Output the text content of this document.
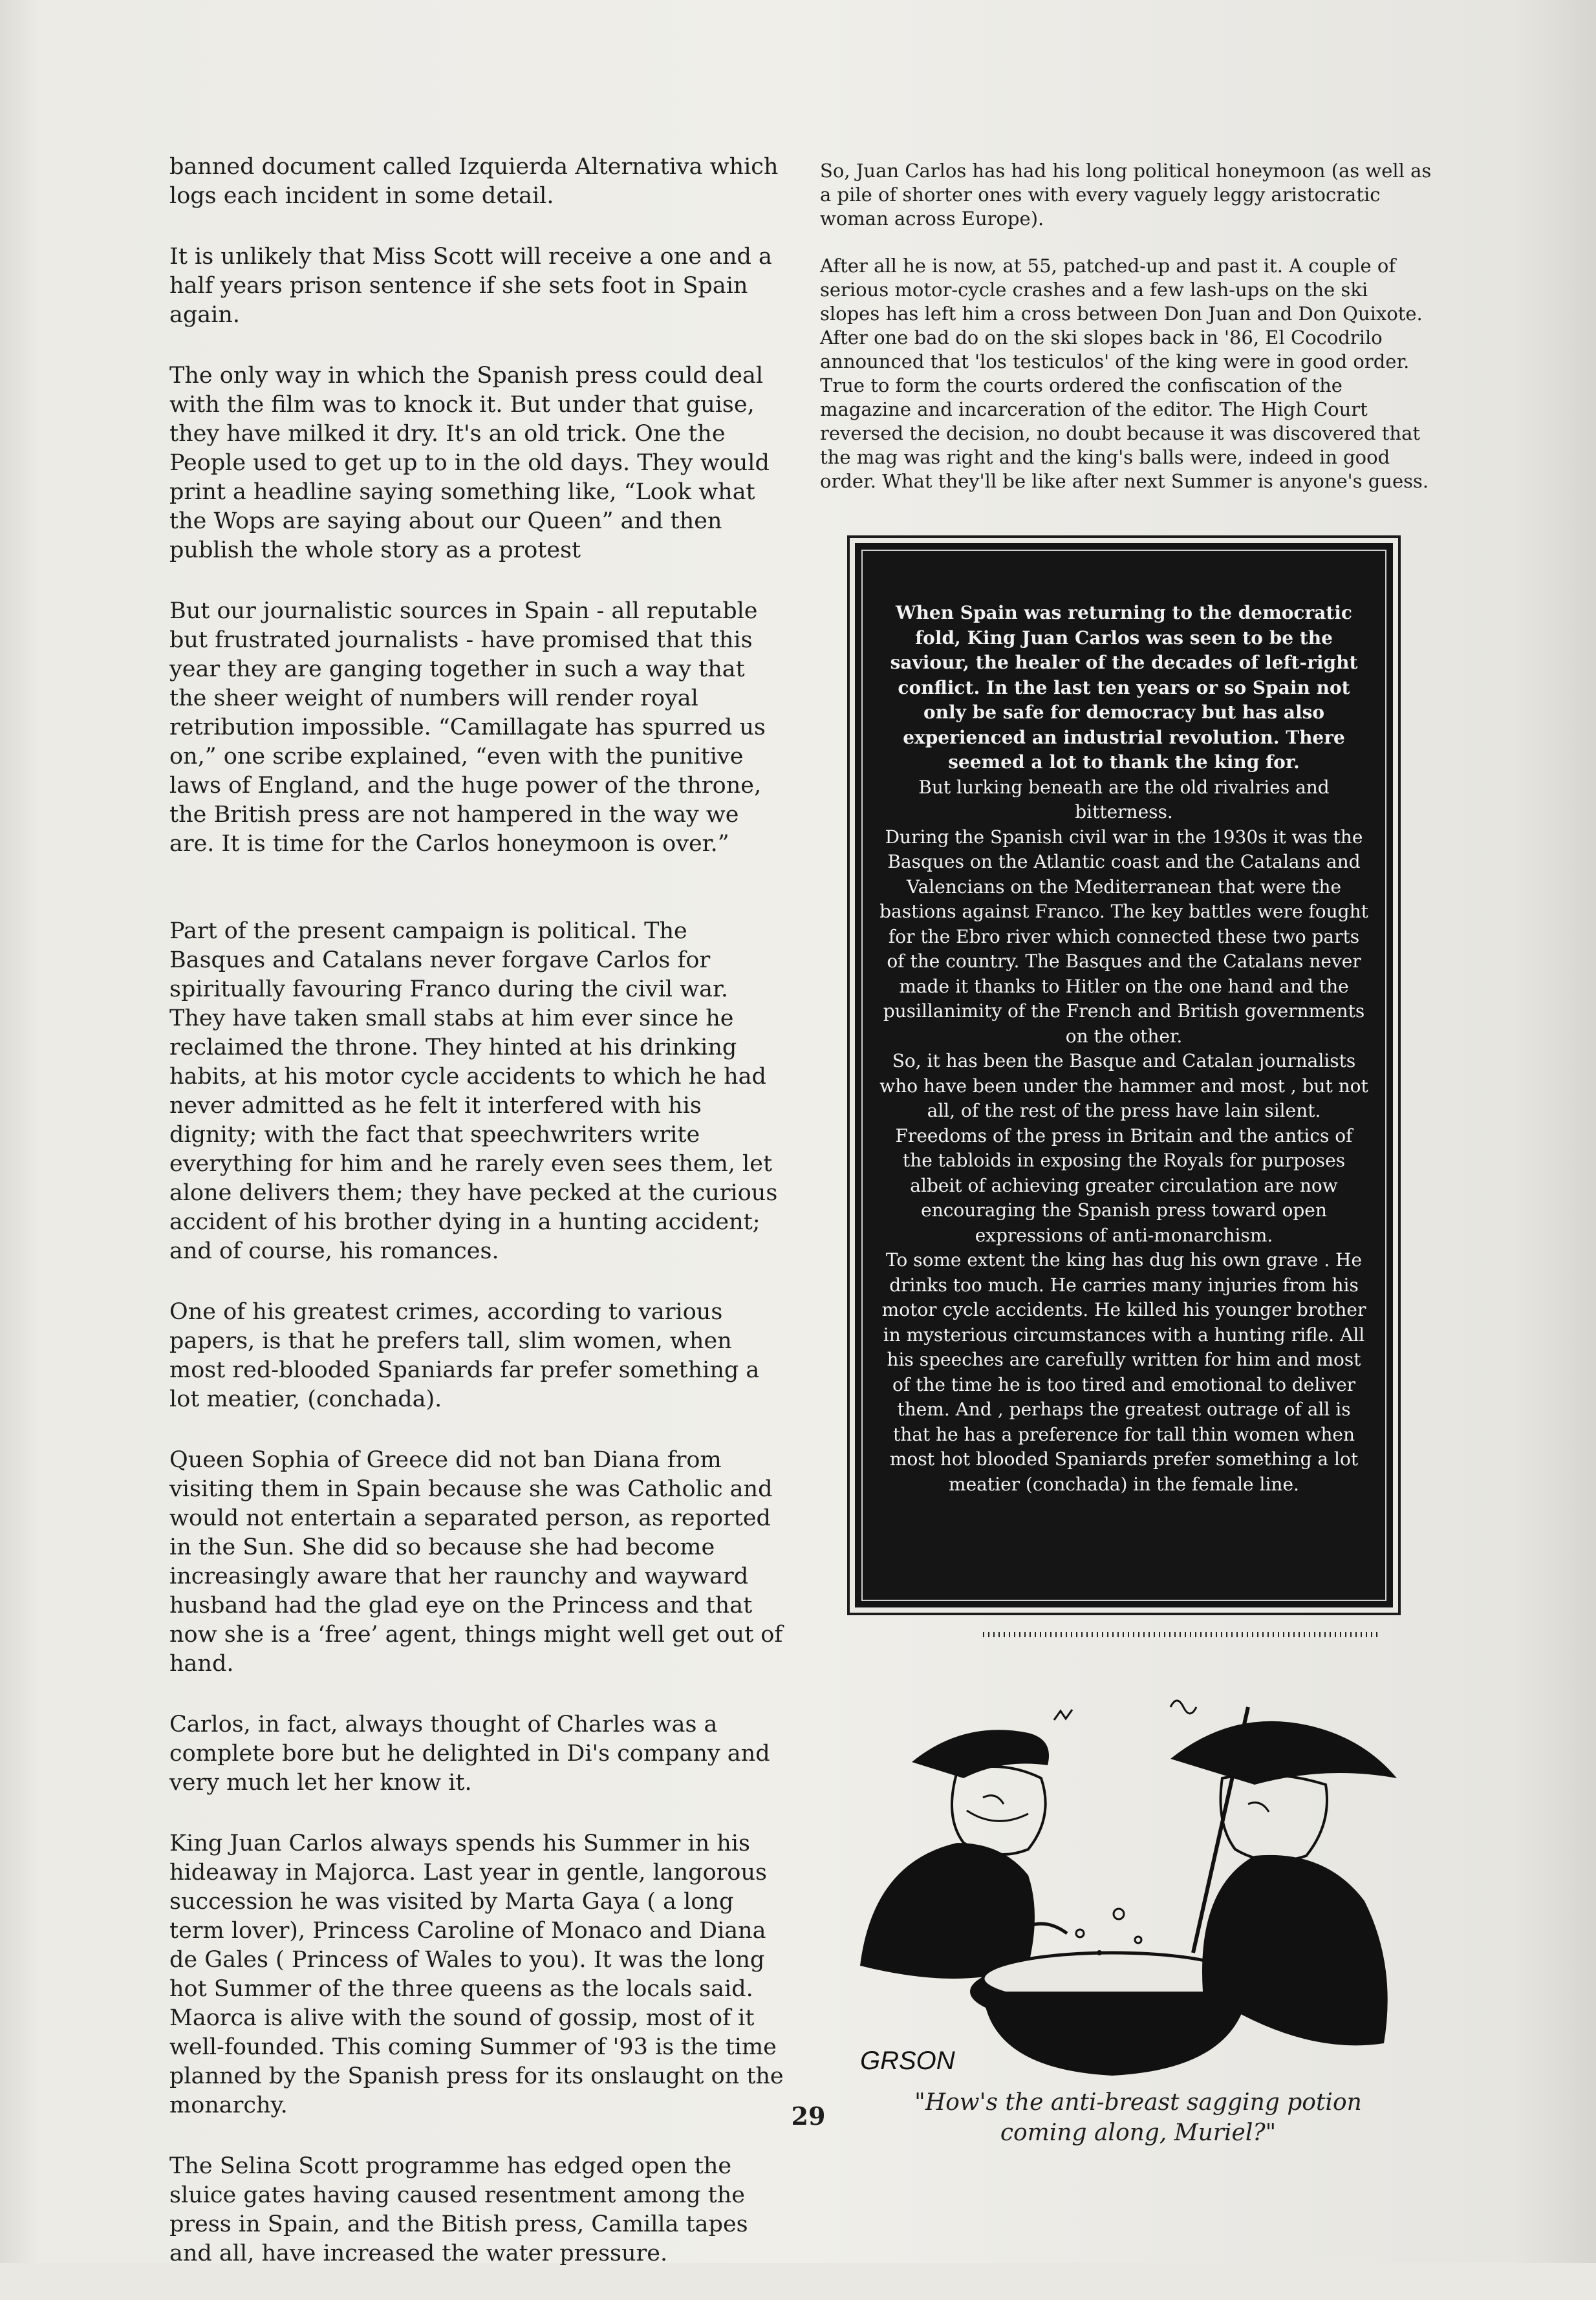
banned document called Izquierda Alternativa which logs each incident in some detail.

It is unlikely that Miss Scott will receive a one and a half years prison sentence if she sets foot in Spain again.

The only way in which the Spanish press could deal with the film was to knock it. But under that guise, they have milked it dry. It's an old trick. One the People used to get up to in the old days. They would print a headline saying something like, “Look what the Wops are saying about our Queen” and then publish the whole story as a protest

But our journalistic sources in Spain - all reputable but frustrated journalists - have promised that this year they are ganging together in such a way that the sheer weight of numbers will render royal retribution impossible. “Camillagate has spurred us on,” one scribe explained, “even with the punitive laws of England, and the huge power of the throne, the British press are not hampered in the way we are. It is time for the Carlos honeymoon is over.”

Part of the present campaign is political. The Basques and Catalans never forgave Carlos for spiritually favouring Franco during the civil war. They have taken small stabs at him ever since he reclaimed the throne. They hinted at his drinking habits, at his motor cycle accidents to which he had never admitted as he felt it interfered with his dignity; with the fact that speechwriters write everything for him and he rarely even sees them, let alone delivers them; they have pecked at the curious accident of his brother dying in a hunting accident; and of course, his romances.

One of his greatest crimes, according to various papers, is that he prefers tall, slim women, when most red-blooded Spaniards far prefer something a lot meatier, (conchada).

Queen Sophia of Greece did not ban Diana from visiting them in Spain because she was Catholic and would not entertain a separated person, as reported in the Sun. She did so because she had become increasingly aware that her raunchy and wayward husband had the glad eye on the Princess and that now she is a ‘free’ agent, things might well get out of hand.

Carlos, in fact, always thought of Charles was a complete bore but he delighted in Di's company and very much let her know it.

King Juan Carlos always spends his Summer in his hideaway in Majorca. Last year in gentle, langorous succession he was visited by Marta Gaya ( a long term lover), Princess Caroline of Monaco and Diana de Gales ( Princess of Wales to you). It was the long hot Summer of the three queens as the locals said. Maorca is alive with the sound of gossip, most of it well-founded. This coming Summer of '93 is the time planned by the Spanish press for its onslaught on the monarchy.

The Selina Scott programme has edged open the sluice gates having caused resentment among the press in Spain, and the Bitish press, Camilla tapes and all, have increased the water pressure.

So, Juan Carlos has had his long political honeymoon (as well as a pile of shorter ones with every vaguely leggy aristocratic woman across Europe).

After all he is now, at 55, patched-up and past it. A couple of serious motor-cycle crashes and a few lash-ups on the ski slopes has left him a cross between Don Juan and Don Quixote. After one bad do on the ski slopes back in '86, El Cocodrilo announced that 'los testiculos' of the king were in good order. True to form the courts ordered the confiscation of the magazine and incarceration of the editor. The High Court reversed the decision, no doubt because it was discovered that the mag was right and the king's balls were, indeed in good order. What they'll be like after next Summer is anyone's guess.

When Spain was returning to the democratic fold, King Juan Carlos was seen to be the saviour, the healer of the decades of left-right conflict. In the last ten years or so Spain not only be safe for democracy but has also experienced an industrial revolution. There seemed a lot to thank the king for.

But lurking beneath are the old rivalries and bitterness.

During the Spanish civil war in the 1930s it was the Basques on the Atlantic coast and the Catalans and Valencians on the Mediterranean that were the bastions against Franco. The key battles were fought for the Ebro river which connected these two parts of the country. The Basques and the Catalans never made it thanks to Hitler on the one hand and the pusillanimity of the French and British governments on the other.

So, it has been the Basque and Catalan journalists who have been under the hammer and most , but not all, of the rest of the press have lain silent.

Freedoms of the press in Britain and the antics of the tabloids in exposing the Royals for purposes albeit of achieving greater circulation are now encouraging the Spanish press toward open expressions of anti-monarchism.

To some extent the king has dug his own grave . He drinks too much. He carries many injuries from his motor cycle accidents. He killed his younger brother in mysterious circumstances with a hunting rifle. All his speeches are carefully written for him and most of the time he is too tired and emotional to deliver them. And , perhaps the greatest outrage of all is that he has a preference for tall thin women when most hot blooded Spaniards prefer something a lot meatier (conchada) in the female line.

GRSON
"How's the anti-breast sagging potion coming along, Muriel?"
29
